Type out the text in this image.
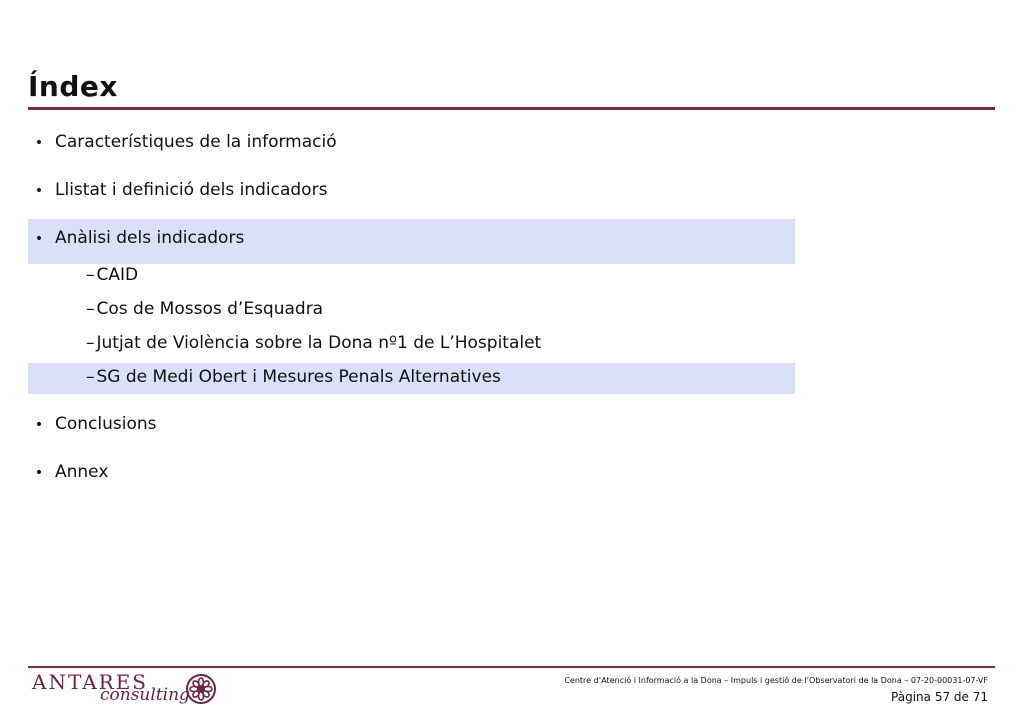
Índex
• Característiques de la informació
• Llistat i definició dels indicadors
• Anàlisi dels indicadors
– CAID
– Cos de Mossos d’Esquadra
– Jutjat de Violència sobre la Dona nº1 de L’Hospitalet
– SG de Medi Obert i Mesures Penals Alternatives
• Conclusions
• Annex
ANTARES
consulting
Centre d’Atenció i Informació a la Dona – Impuls i gestió de l’Observatori de la Dona – 07-20-00031-07-VF
Pàgina 57 de 71
